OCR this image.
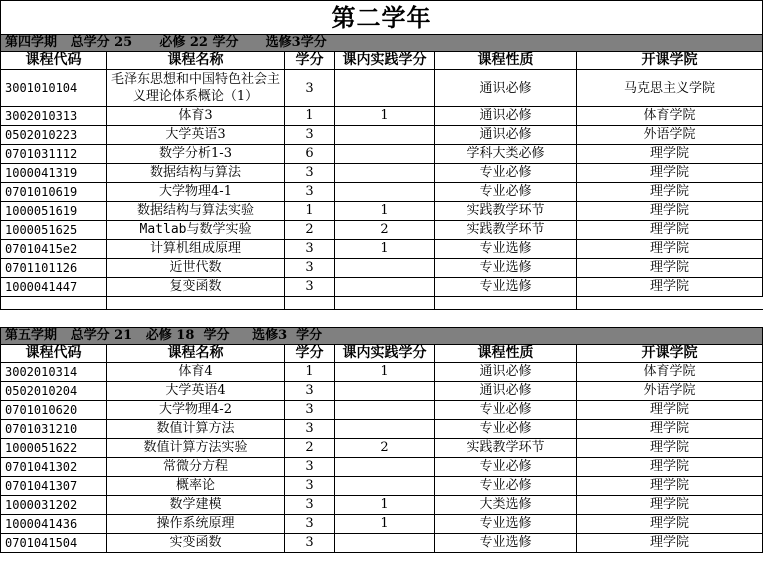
第二学年
第四学期   总学分 25      必修 22 学分      选修3学分					
课程代码	课程名称	学分	课内实践学分	课程性质	开课学院
3001010104	毛泽东思想和中国特色社会主义理论体系概论（1）	3		通识必修	马克思主义学院
3002010313	体育3	1	1	通识必修	体育学院
0502010223	大学英语3	3		通识必修	外语学院
0701031112	数学分析1-3	6		学科大类必修	理学院
1000041319	数据结构与算法	3		专业必修	理学院
0701010619	大学物理4-1	3		专业必修	理学院
1000051619	数据结构与算法实验	1	1	实践教学环节	理学院
1000051625	Matlab与数学实验	2	2	实践教学环节	理学院
07010415e2	计算机组成原理	3	1	专业选修	理学院
0701101126	近世代数	3		专业选修	理学院
1000041447	复变函数	3		专业选修	理学院

第五学期   总学分 21   必修 18  学分     选修3  学分					
课程代码	课程名称	学分	课内实践学分	课程性质	开课学院
3002010314	体育4	1	1	通识必修	体育学院
0502010204	大学英语4	3		通识必修	外语学院
0701010620	大学物理4-2	3		专业必修	理学院
0701031210	数值计算方法	3		专业必修	理学院
1000051622	数值计算方法实验	2	2	实践教学环节	理学院
0701041302	常微分方程	3		专业必修	理学院
0701041307	概率论	3		专业必修	理学院
1000031202	数学建模	3	1	大类选修	理学院
1000041436	操作系统原理	3	1	专业选修	理学院
0701041504	实变函数	3		专业选修	理学院
